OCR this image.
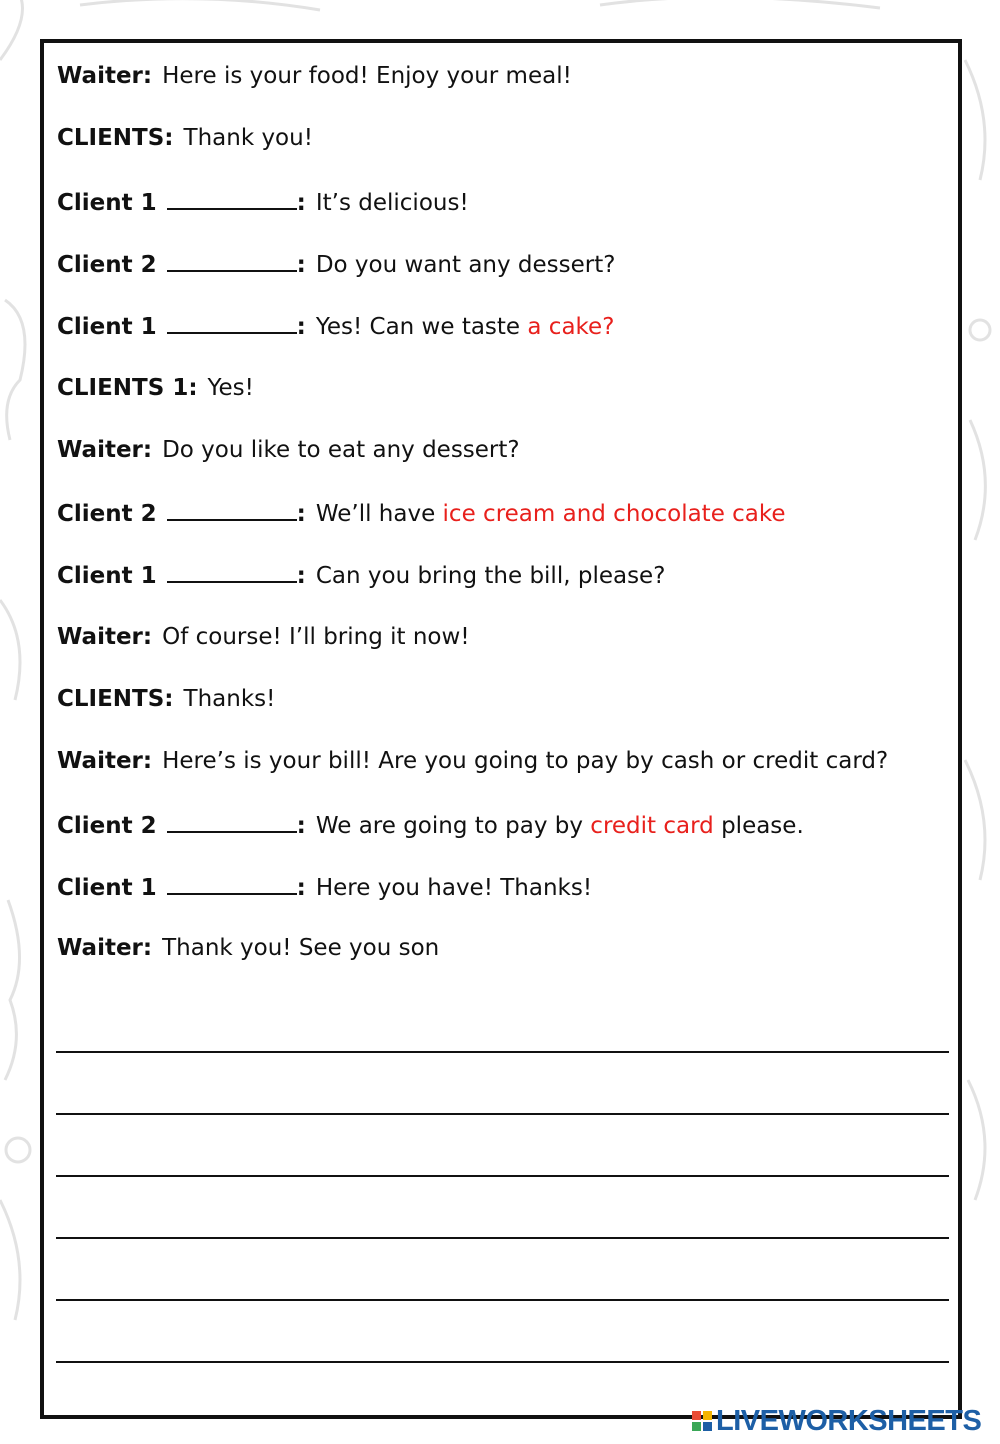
Waiter: Here is your food! Enjoy your meal!
CLIENTS: Thank you!
Client 1	: It’s delicious!
Client 2	: Do you want any dessert?
Client 1	: Yes! Can we taste a cake?
CLIENTS 1: Yes!
Waiter: Do you like to eat any dessert?
Client 2	: We’ll have ice cream and chocolate cake
Client 1	: Can you bring the bill, please?
Waiter: Of course! I’ll bring it now!
CLIENTS: Thanks!
Waiter: Here’s is your bill! Are you going to pay by cash or credit card?
Client 2	: We are going to pay by credit card please.
Client 1	: Here you have! Thanks!
Waiter: Thank you! See you son
LIVEWORKSHEETS
